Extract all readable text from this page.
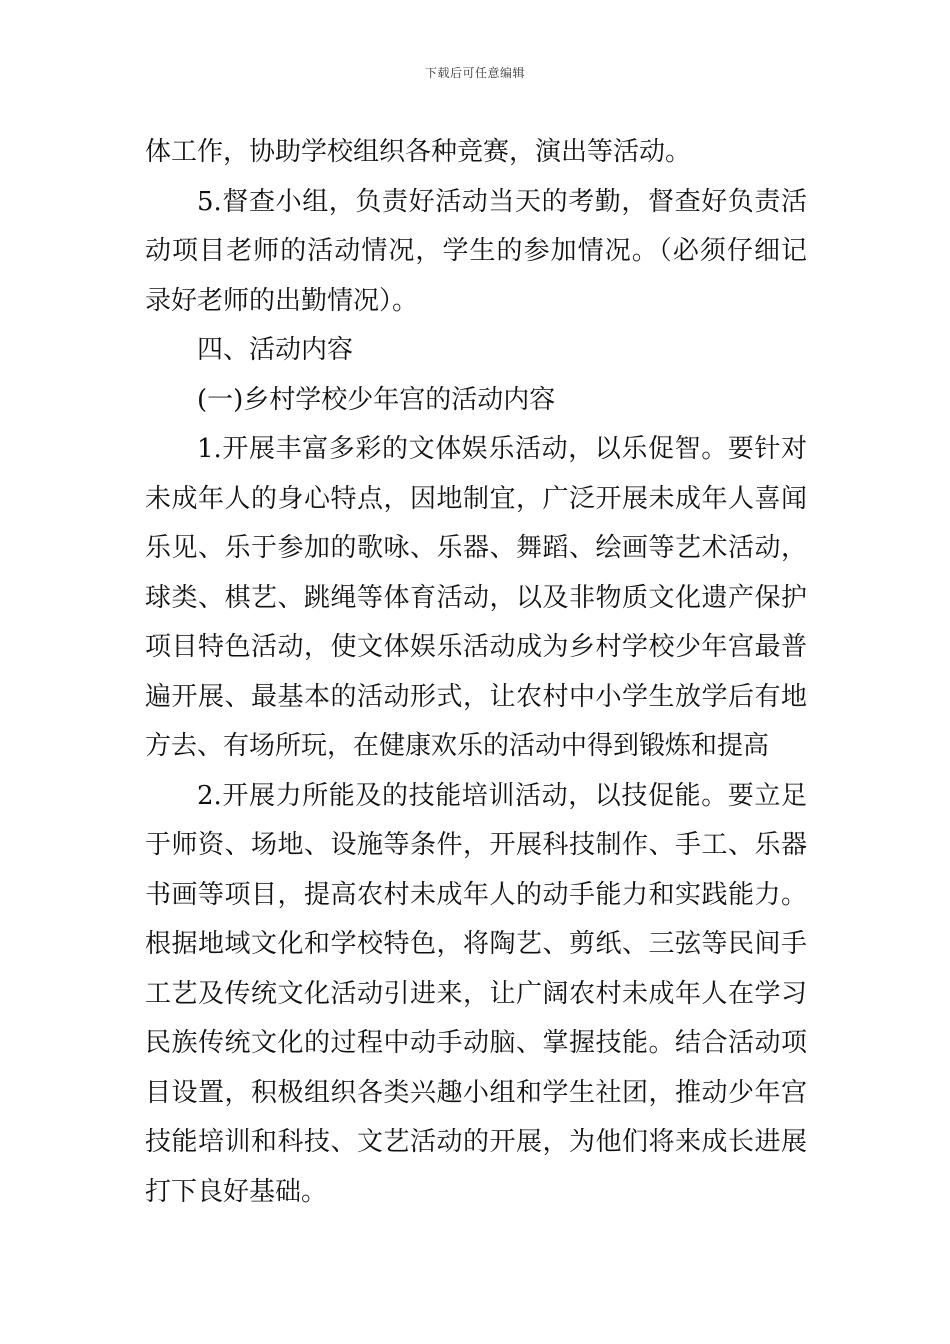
下载后可任意编辑
体工作，协助学校组织各种竞赛，演出等活动。
5.督查小组，负责好活动当天的考勤，督查好负责活
动项目老师的活动情况，学生的参加情况。（必须仔细记
录好老师的出勤情况）。
四、活动内容
(一)乡村学校少年宫的活动内容
1.开展丰富多彩的文体娱乐活动，以乐促智。要针对
未成年人的身心特点，因地制宜，广泛开展未成年人喜闻
乐见、乐于参加的歌咏、乐器、舞蹈、绘画等艺术活动，
球类、棋艺、跳绳等体育活动，以及非物质文化遗产保护
项目特色活动，使文体娱乐活动成为乡村学校少年宫最普
遍开展、最基本的活动形式，让农村中小学生放学后有地
方去、有场所玩，在健康欢乐的活动中得到锻炼和提高
2.开展力所能及的技能培训活动，以技促能。要立足
于师资、场地、设施等条件，开展科技制作、手工、乐器
书画等项目，提高农村未成年人的动手能力和实践能力。
根据地域文化和学校特色，将陶艺、剪纸、三弦等民间手
工艺及传统文化活动引进来，让广阔农村未成年人在学习
民族传统文化的过程中动手动脑、掌握技能。结合活动项
目设置，积极组织各类兴趣小组和学生社团，推动少年宫
技能培训和科技、文艺活动的开展，为他们将来成长进展
打下良好基础。
